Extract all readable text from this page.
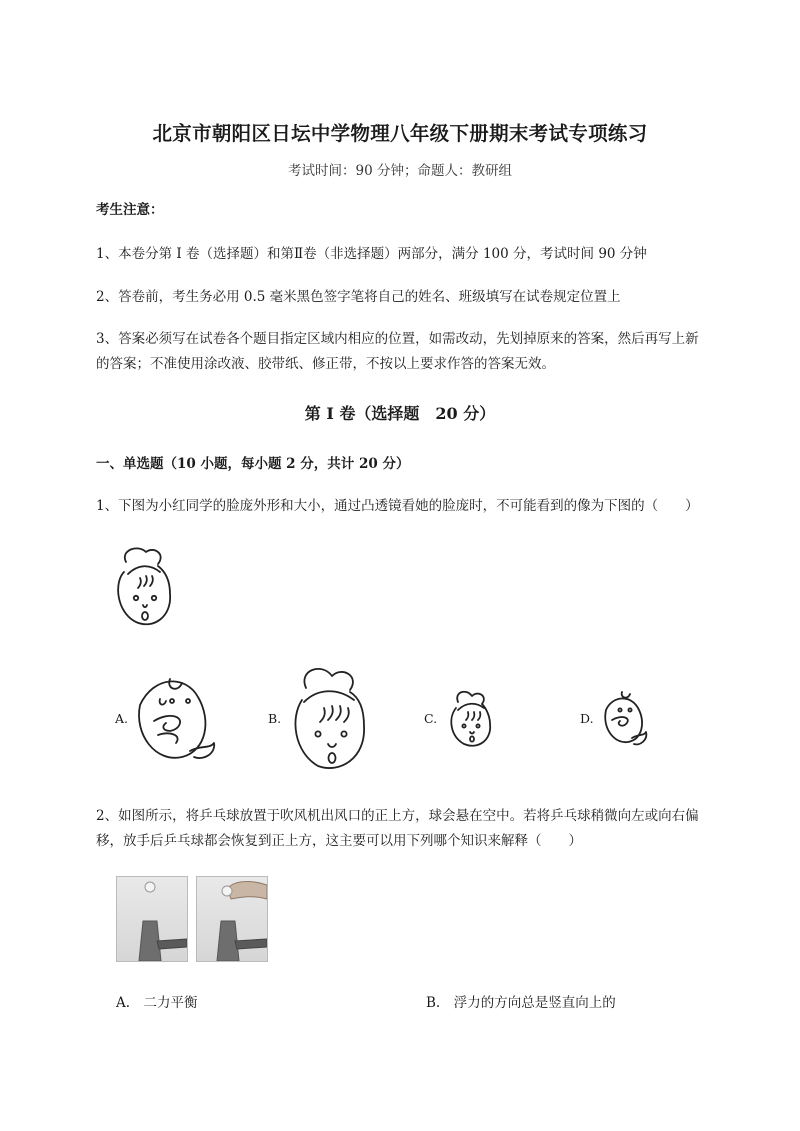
北京市朝阳区日坛中学物理八年级下册期末考试专项练习
考试时间：90 分钟；命题人：教研组
考生注意：
1、本卷分第 I 卷（选择题）和第Ⅱ卷（非选择题）两部分，满分 100 分，考试时间 90 分钟
2、答卷前，考生务必用 0.5 毫米黑色签字笔将自己的姓名、班级填写在试卷规定位置上
3、答案必须写在试卷各个题目指定区域内相应的位置，如需改动，先划掉原来的答案，然后再写上新
的答案；不准使用涂改液、胶带纸、修正带，不按以上要求作答的答案无效。
第 I 卷（选择题　20 分）
一、单选题（10 小题，每小题 2 分，共计 20 分）
1、下图为小红同学的脸庞外形和大小，通过凸透镜看她的脸庞时，不可能看到的像为下图的（　　）
A.	B.	C.	D.
2、如图所示，将乒乓球放置于吹风机出风口的正上方，球会悬在空中。若将乒乓球稍微向左或向右偏
移，放手后乒乓球都会恢复到正上方，这主要可以用下列哪个知识来解释（　　）
A.　二力平衡	B.　浮力的方向总是竖直向上的
